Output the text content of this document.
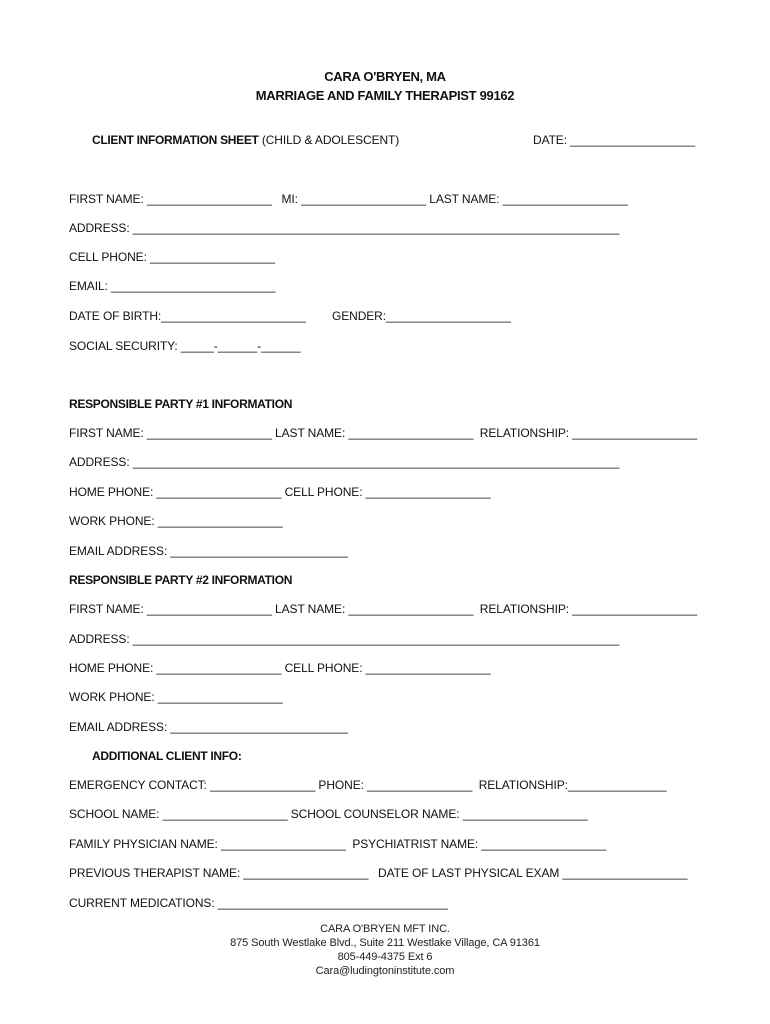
CARA O'BRYEN, MA
MARRIAGE AND FAMILY THERAPIST 99162
CLIENT INFORMATION SHEET (CHILD & ADOLESCENT)	DATE: ___________________
FIRST NAME: ___________________   MI: ___________________ LAST NAME: ___________________
ADDRESS: __________________________________________________________________________
CELL PHONE: ___________________
EMAIL: _________________________
DATE OF BIRTH:______________________ GENDER:___________________
SOCIAL SECURITY: _____-______-______
RESPONSIBLE PARTY #1 INFORMATION
FIRST NAME: ___________________ LAST NAME: ___________________  RELATIONSHIP: ___________________
ADDRESS: __________________________________________________________________________
HOME PHONE: ___________________ CELL PHONE: ___________________
WORK PHONE: ___________________
EMAIL ADDRESS: ___________________________
RESPONSIBLE PARTY #2 INFORMATION
FIRST NAME: ___________________ LAST NAME: ___________________  RELATIONSHIP: ___________________
ADDRESS: __________________________________________________________________________
HOME PHONE: ___________________ CELL PHONE: ___________________
WORK PHONE: ___________________
EMAIL ADDRESS: ___________________________
ADDITIONAL CLIENT INFO:
EMERGENCY CONTACT: ________________ PHONE: ________________  RELATIONSHIP:_______________
SCHOOL NAME: ___________________ SCHOOL COUNSELOR NAME: ___________________
FAMILY PHYSICIAN NAME: ___________________  PSYCHIATRIST NAME: ___________________
PREVIOUS THERAPIST NAME: ___________________   DATE OF LAST PHYSICAL EXAM ___________________
CURRENT MEDICATIONS: ___________________________________
CARA O'BRYEN MFT INC.
875 South Westlake Blvd., Suite 211 Westlake Village, CA 91361
805-449-4375 Ext 6
Cara@ludingtoninstitute.com
